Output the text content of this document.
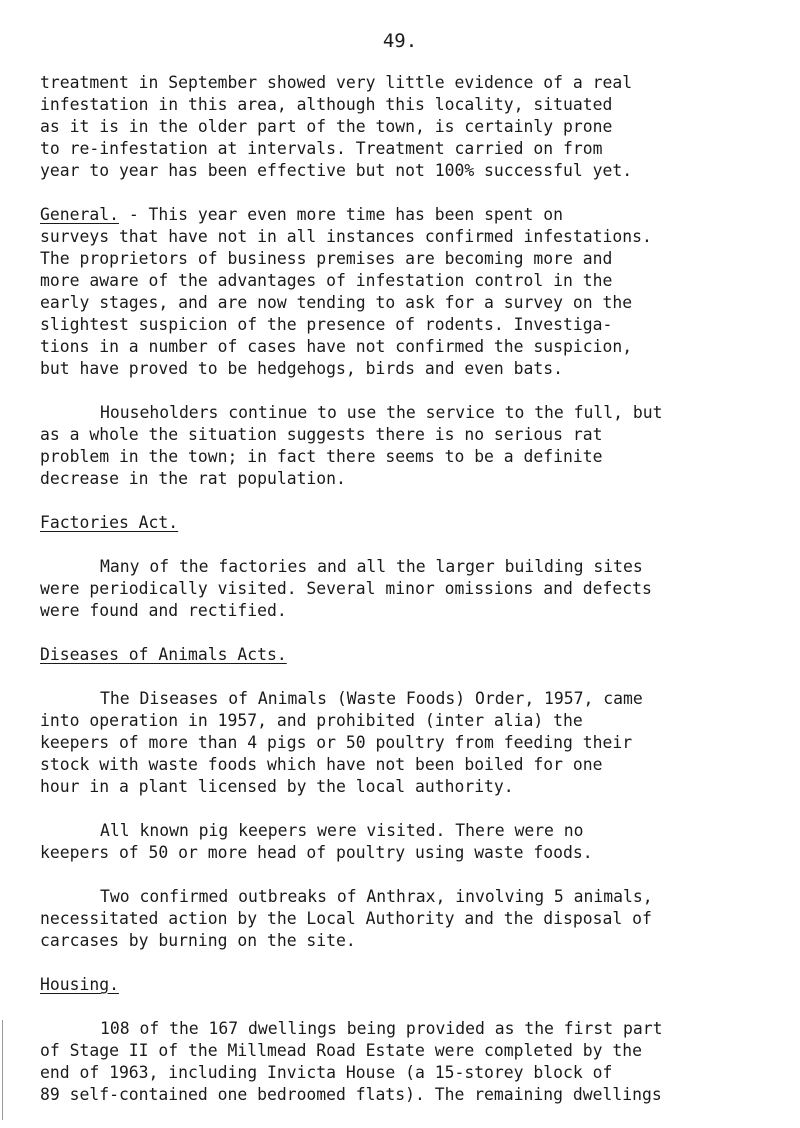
49.
treatment in September showed very little evidence of a real
infestation in this area, although this locality, situated
as it is in the older part of the town, is certainly prone
to re-infestation at intervals. Treatment carried on from
year to year has been effective but not 100% successful yet.
General. - This year even more time has been spent on
surveys that have not in all instances confirmed infestations.
The proprietors of business premises are becoming more and
more aware of the advantages of infestation control in the
early stages, and are now tending to ask for a survey on the
slightest suspicion of the presence of rodents. Investiga-
tions in a number of cases have not confirmed the suspicion,
but have proved to be hedgehogs, birds and even bats.
Householders continue to use the service to the full, but
as a whole the situation suggests there is no serious rat
problem in the town; in fact there seems to be a definite
decrease in the rat population.
Factories Act.
Many of the factories and all the larger building sites
were periodically visited. Several minor omissions and defects
were found and rectified.
Diseases of Animals Acts.
The Diseases of Animals (Waste Foods) Order, 1957, came
into operation in 1957, and prohibited (inter alia) the
keepers of more than 4 pigs or 50 poultry from feeding their
stock with waste foods which have not been boiled for one
hour in a plant licensed by the local authority.
All known pig keepers were visited. There were no
keepers of 50 or more head of poultry using waste foods.
Two confirmed outbreaks of Anthrax, involving 5 animals,
necessitated action by the Local Authority and the disposal of
carcases by burning on the site.
Housing.
108 of the 167 dwellings being provided as the first part
of Stage II of the Millmead Road Estate were completed by the
end of 1963, including Invicta House (a 15-storey block of
89 self-contained one bedroomed flats). The remaining dwellings
